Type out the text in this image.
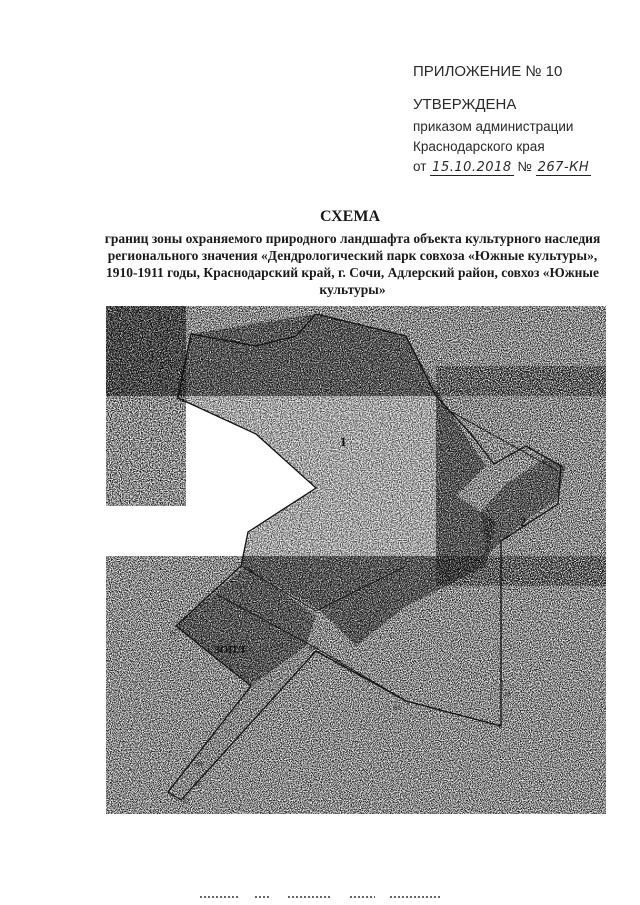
ПРИЛОЖЕНИЕ № 10
УТВЕРЖДЕНА
приказом администрации
Краснодарского края
от 15.10.2018 № 267-КН
СХЕМА
границ зоны охраняемого природного ландшафта объекта культурного наследия регионального значения «Дендрологический парк совхоза «Южные культуры», 1910-1911 годы, Краснодарский край, г. Сочи, Адлерский район, совхоз «Южные культуры»
1
2
ЗОПЛ
31
76
66
67
68
69
70
18
